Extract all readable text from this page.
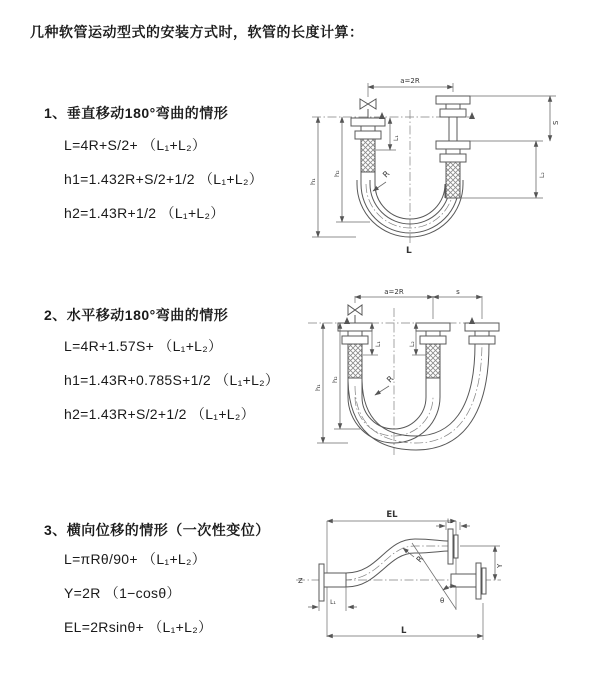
几种软管运动型式的安装方式时，软管的长度计算：
1、垂直移动180°弯曲的情形
L=4R+S/2+ （L₁+L₂）
h1=1.432R+S/2+1/2 （L₁+L₂）
h2=1.43R+1/2 （L₁+L₂）
a=2R
S
L₂
L₁
h₁
h₂	R
L
2、水平移动180°弯曲的情形
L=4R+1.57S+ （L₁+L₂）
h1=1.43R+0.785S+1/2 （L₁+L₂）
h2=1.43R+S/2+1/2 （L₁+L₂）
a=2R	s
h₁
h₂
L₁	L₂
R
3、横向位移的情形（一次性变位）
L=πRθ/90+ （L₁+L₂）
Y=2R （1−cosθ）
EL=2Rsinθ+ （L₁+L₂）
Z
θ
EL
L₂
Y
L₁
L
R
